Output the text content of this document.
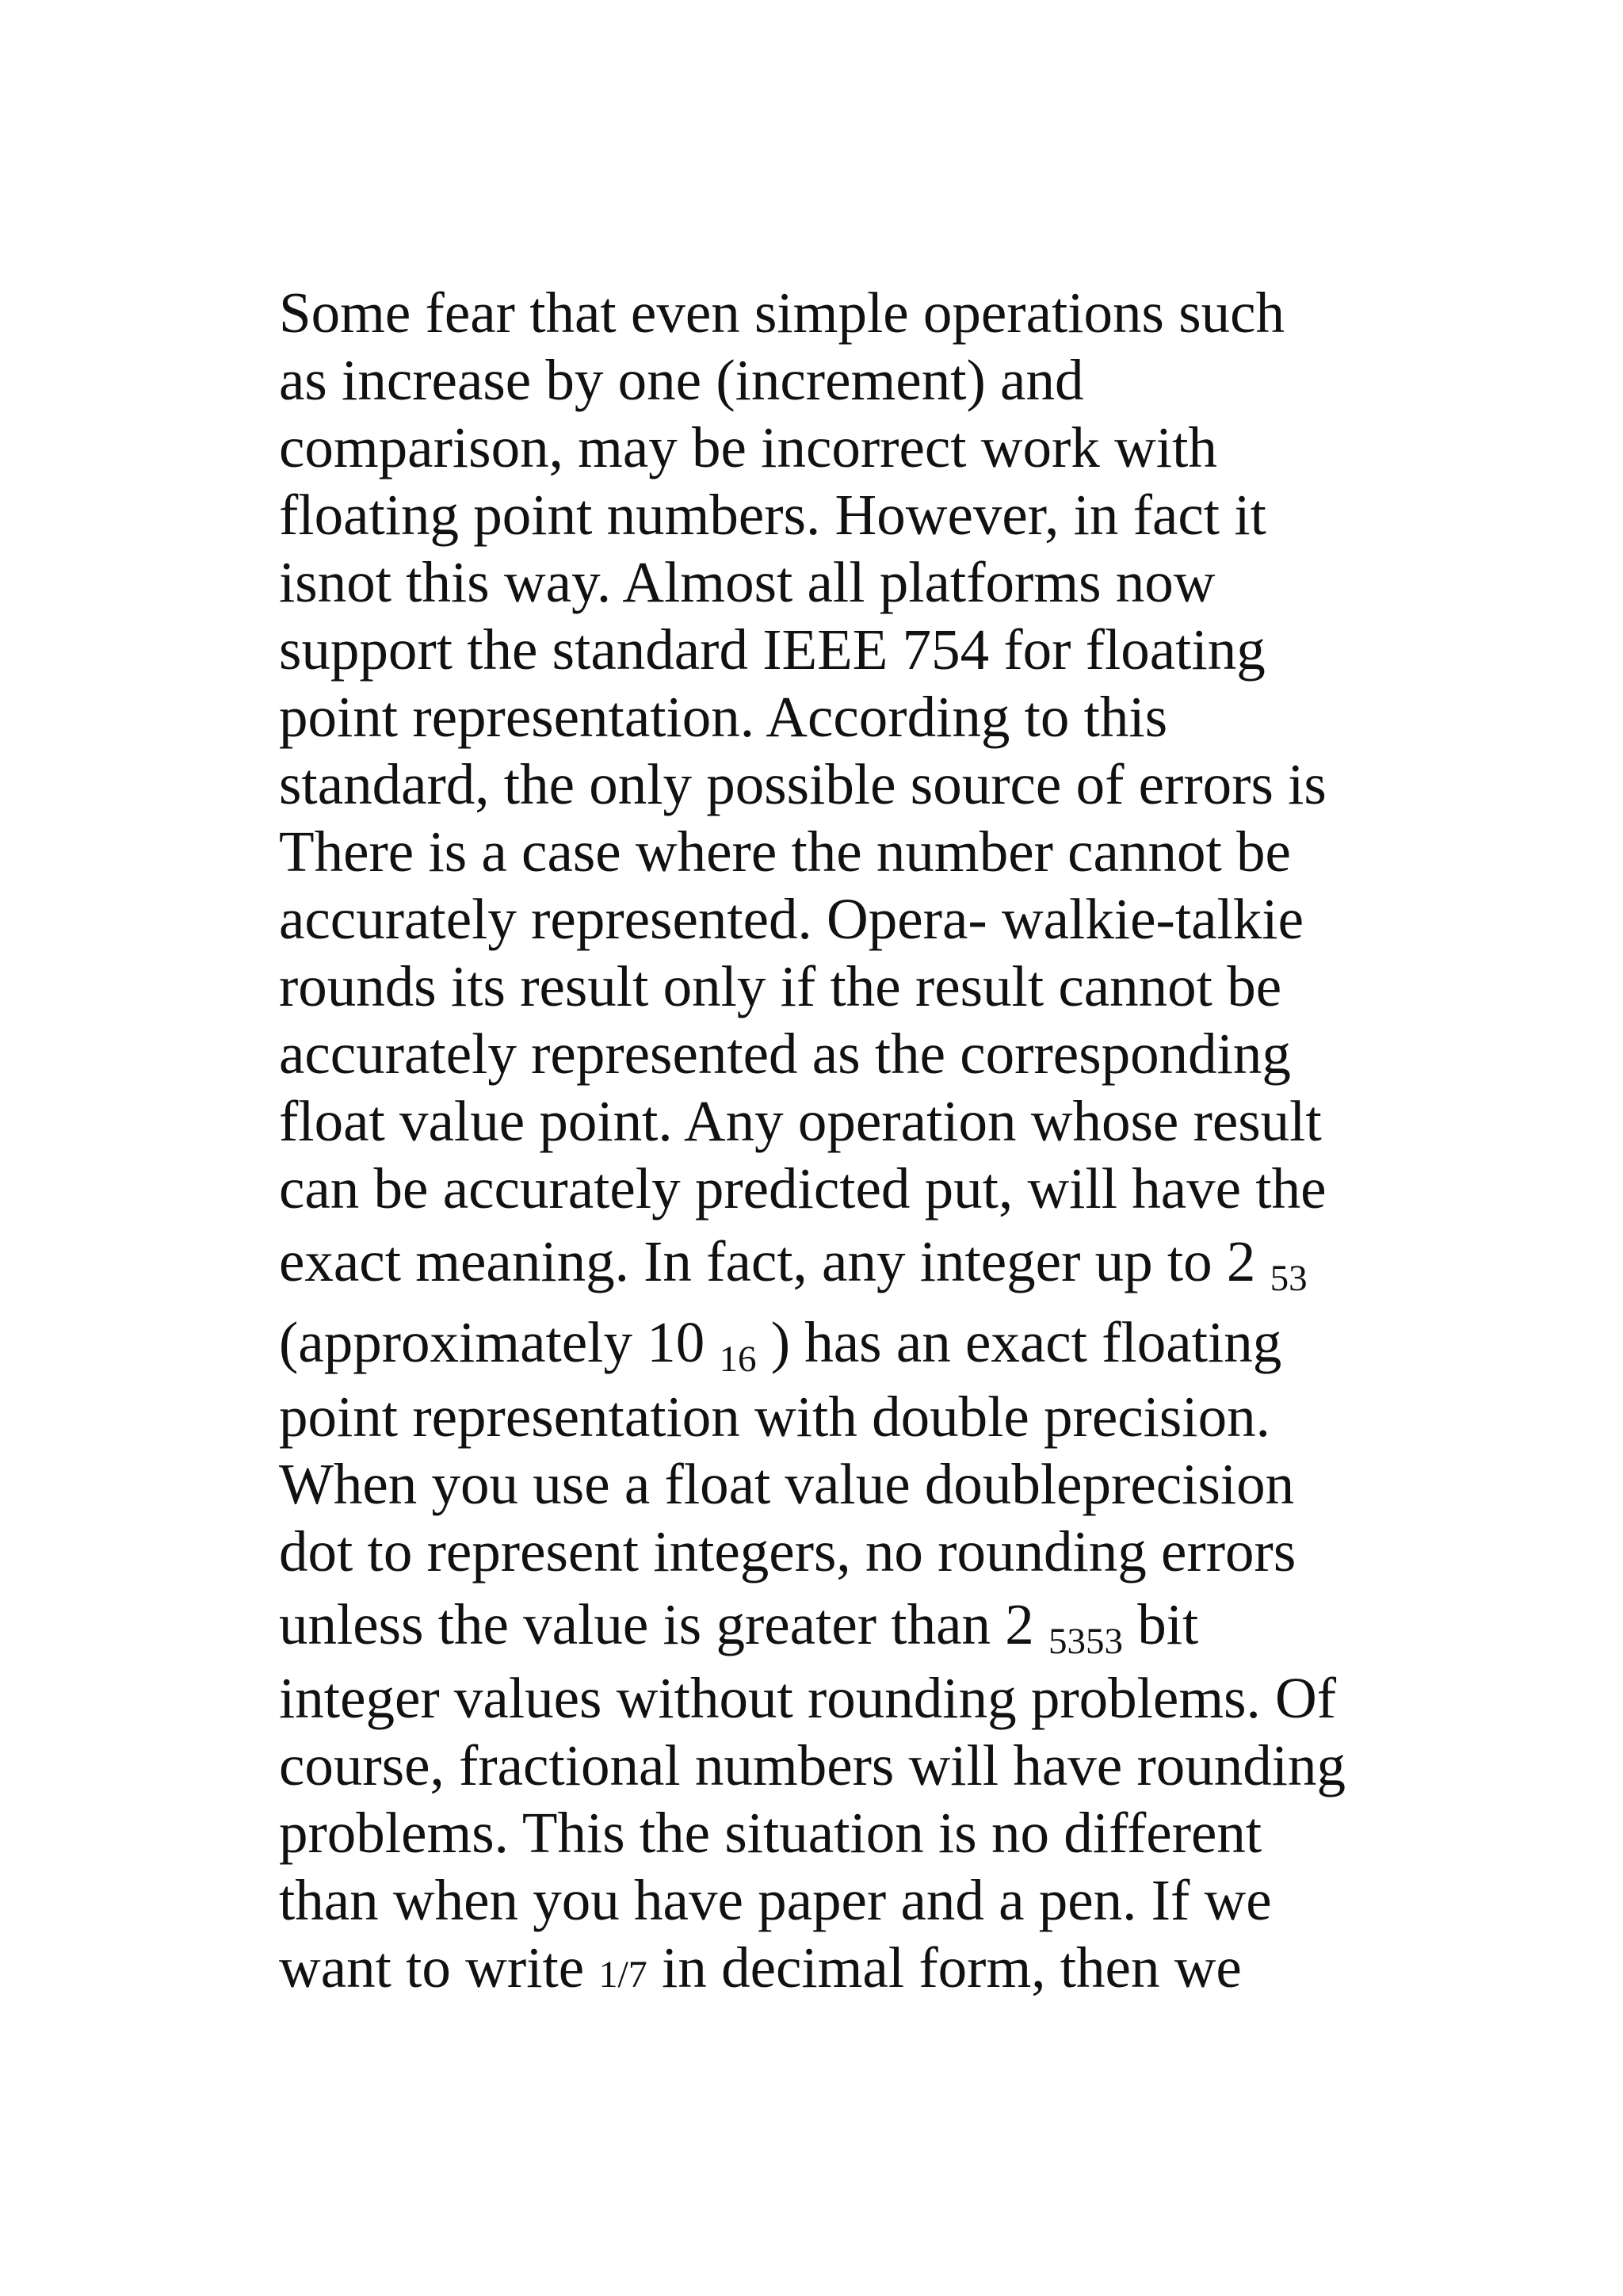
Some fear that even simple operations such
as increase by one (increment) and
comparison, may be incorrect work with
floating point numbers. However, in fact it
isnot this way. Almost all platforms now
support the standard IEEE 754 for floating
point representation. According to this
standard, the only possible source of errors is
There is a case where the number cannot be
accurately represented. Opera- walkie-talkie
rounds its result only if the result cannot be
accurately represented as the corresponding
float value point. Any operation whose result
can be accurately predicted put, will have the
exact meaning. In fact, any integer up to 2 53
(approximately 10 16 ) has an exact floating
point representation with double precision.
When you use a float value doubleprecision
dot to represent integers, no rounding errors
unless the value is greater than 2 5353 bit
integer values without rounding problems. Of
course, fractional numbers will have rounding
problems. This the situation is no different
than when you have paper and a pen. If we
want to write 1/7 in decimal form, then we
